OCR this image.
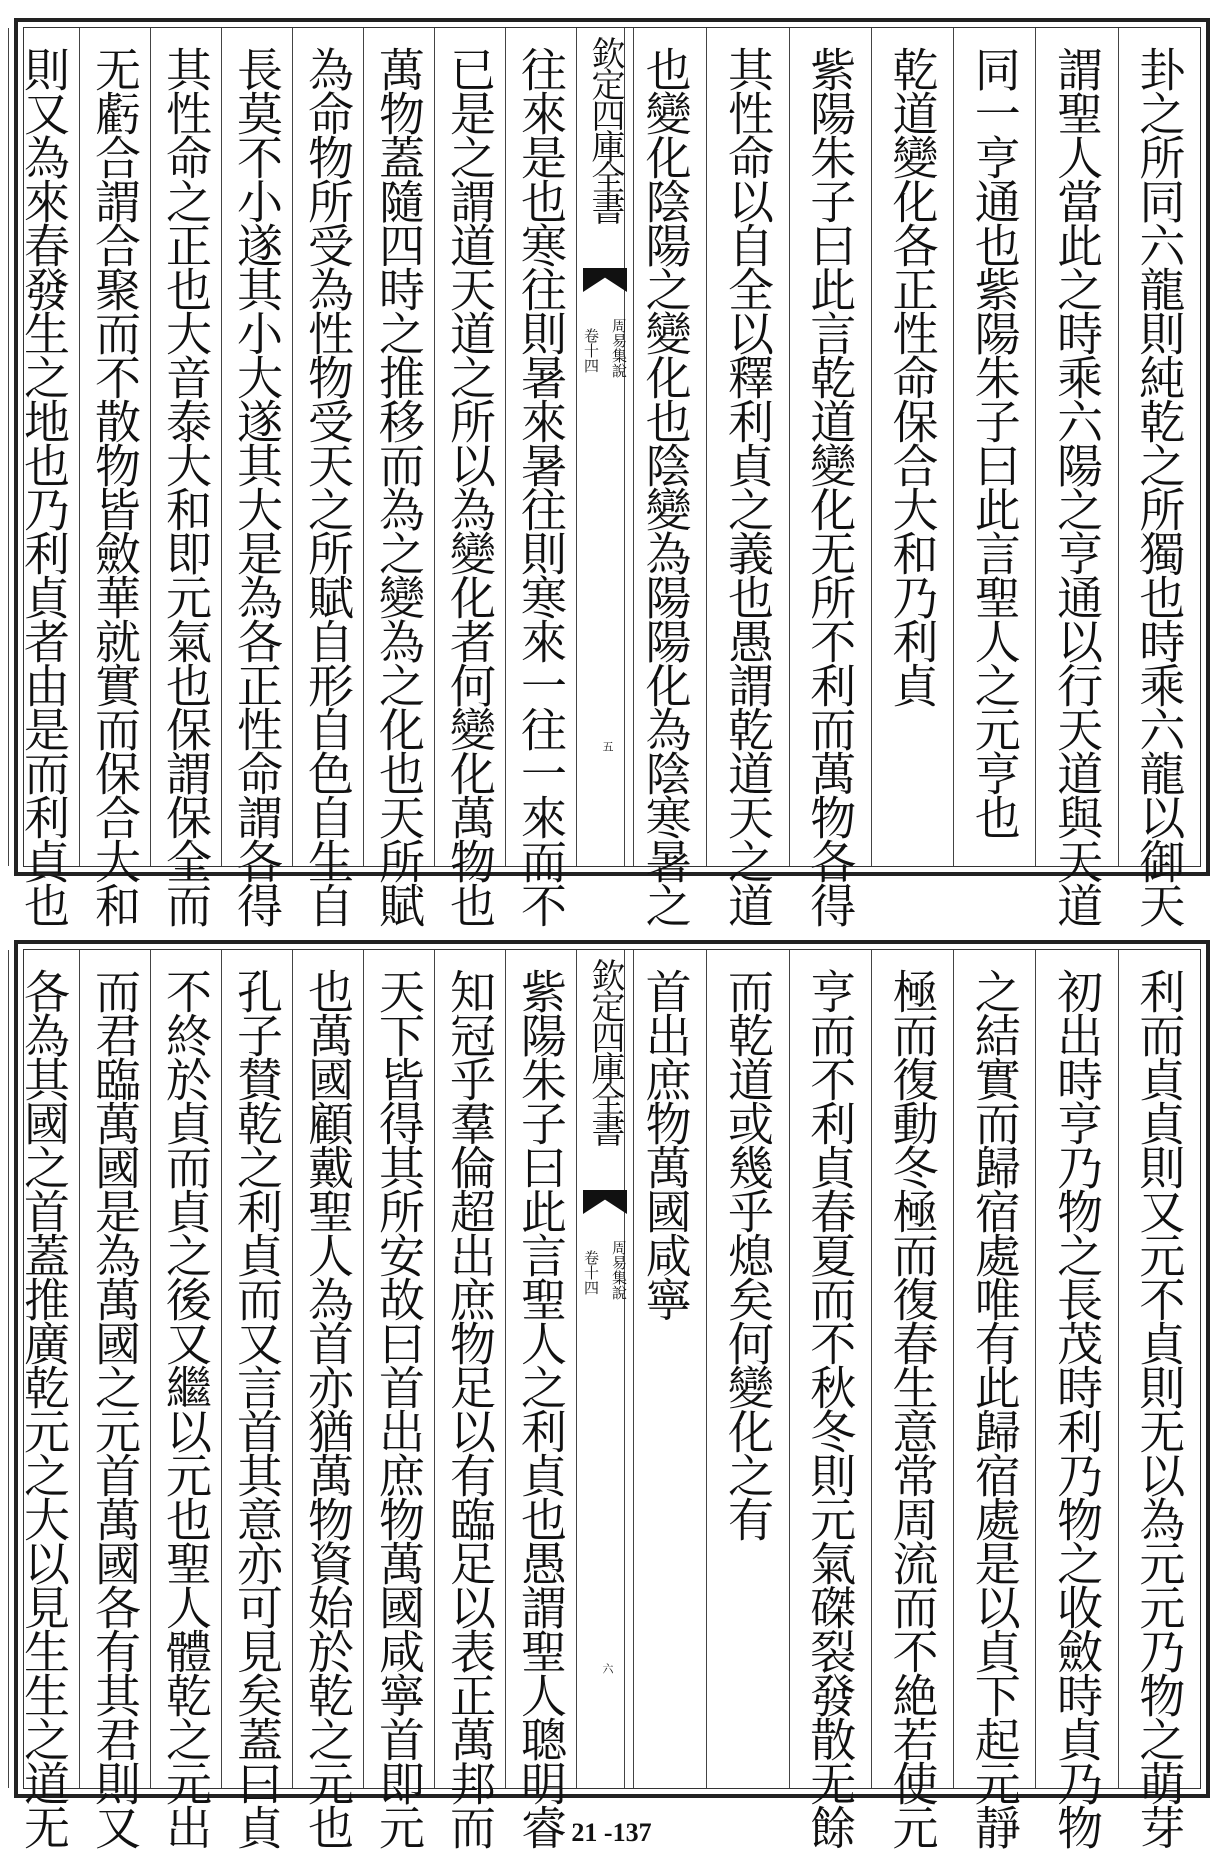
卦之所同六龍則純乾之所獨也時乘六龍以御天
謂聖人當此之時乘六陽之亨通以行天道與天道
同一亨通也紫陽朱子曰此言聖人之元亨也
乾道變化各正性命保合大和乃利貞
紫陽朱子曰此言乾道變化无所不利而萬物各得
其性命以自全以釋利貞之義也愚謂乾道天之道
也變化陰陽之變化也陰變為陽陽化為陰寒暑之
欽定四庫全書
周易集說
卷十四
五
往來是也寒往則暑來暑往則寒來一往一來而不
已是之謂道天道之所以為變化者何變化萬物也
萬物蓋隨四時之推移而為之變為之化也天所賦
為命物所受為性物受天之所賦自形自色自生自
長莫不小遂其小大遂其大是為各正性命謂各得
其性命之正也大音泰大和即元氣也保謂保全而
无虧合謂合聚而不散物皆斂華就實而保合大和
則又為來春發生之地也乃利貞者由是而利貞也
利而貞貞則又元不貞則无以為元元乃物之萌芽
初出時亨乃物之長茂時利乃物之收斂時貞乃物
之結實而歸宿處唯有此歸宿處是以貞下起元靜
極而復動冬極而復春生意常周流而不絶若使元
亨而不利貞春夏而不秋冬則元氣磔裂發散无餘
而乾道或幾乎熄矣何變化之有
首出庶物萬國咸寧
欽定四庫全書
周易集說
卷十四
六
紫陽朱子曰此言聖人之利貞也愚謂聖人聰明睿
知冠乎羣倫超出庶物足以有臨足以表正萬邦而
天下皆得其所安故曰首出庶物萬國咸寧首即元
也萬國顧戴聖人為首亦猶萬物資始於乾之元也
孔子賛乾之利貞而又言首其意亦可見矣蓋曰貞
不終於貞而貞之後又繼以元也聖人體乾之元出
而君臨萬國是為萬國之元首萬國各有其君則又
各為其國之首蓋推廣乾元之大以見生生之道无	21 -137
